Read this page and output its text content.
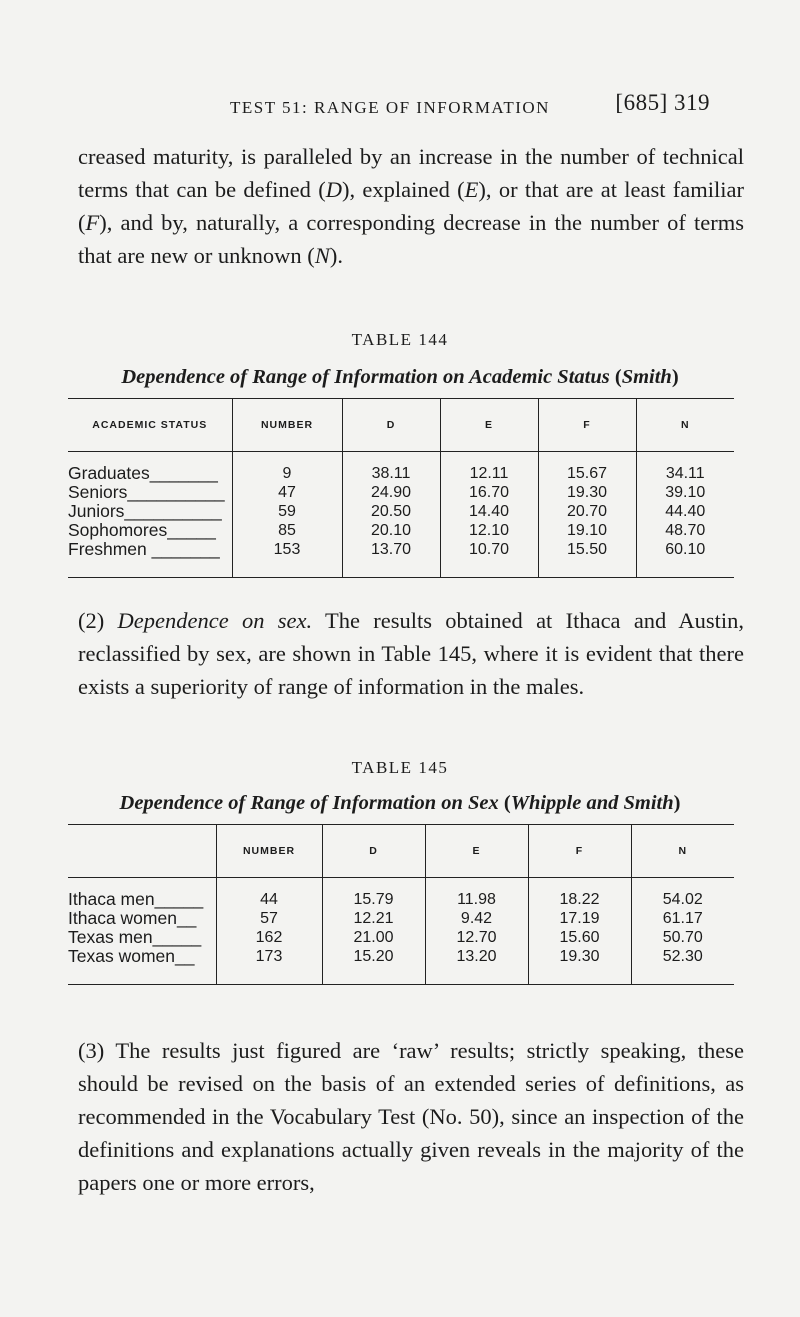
TEST 51: RANGE OF INFORMATION	[685] 319

creased maturity, is paralleled by an increase in the number of technical terms that can be defined (D), explained (E), or that are at least familiar (F), and by, naturally, a corresponding decrease in the number of terms that are new or unknown (N).

TABLE 144
Dependence of Range of Information on Academic Status (Smith)
ACADEMIC STATUS	NUMBER	D	E	F	N
Graduates_______	9	38.11	12.11	15.67	34.11
Seniors__________	47	24.90	16.70	19.30	39.10
Juniors__________	59	20.50	14.40	20.70	44.40
Sophomores_____	85	20.10	12.10	19.10	48.70
Freshmen _______	153	13.70	10.70	15.50	60.10

(2) Dependence on sex. The results obtained at Ithaca and Austin, reclassified by sex, are shown in Table 145, where it is evident that there exists a superiority of range of information in the males.

TABLE 145
Dependence of Range of Information on Sex (Whipple and Smith)
	NUMBER	D	E	F	N
Ithaca men_____	44	15.79	11.98	18.22	54.02
Ithaca women__	57	12.21	9.42	17.19	61.17
Texas men_____	162	21.00	12.70	15.60	50.70
Texas women__	173	15.20	13.20	19.30	52.30

(3) The results just figured are ‘raw’ results; strictly speaking, these should be revised on the basis of an extended series of definitions, as recommended in the Vocabulary Test (No. 50), since an inspection of the definitions and explanations actually given reveals in the majority of the papers one or more errors,
